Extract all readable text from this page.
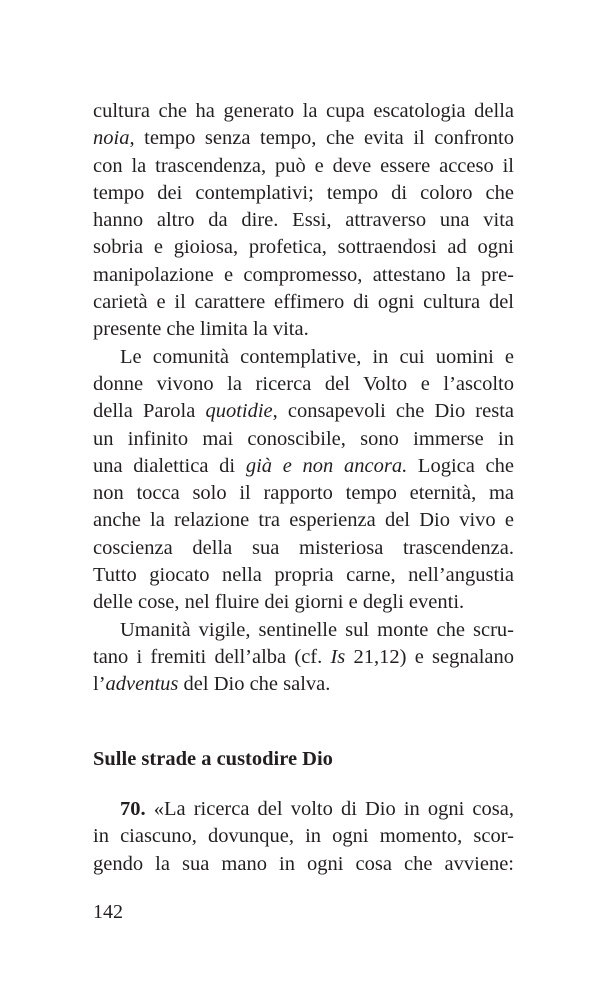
cultura che ha generato la cupa escatologia della
noia, tempo senza tempo, che evita il confronto
con la trascendenza, può e deve essere acceso il
tempo dei contemplativi; tempo di coloro che
hanno altro da dire. Essi, attraverso una vita
sobria e gioiosa, profetica, sottraendosi ad ogni
manipolazione e compromesso, attestano la pre-
carietà e il carattere effimero di ogni cultura del
presente che limita la vita.
Le comunità contemplative, in cui uomini e
donne vivono la ricerca del Volto e l’ascolto
della Parola quotidie, consapevoli che Dio resta
un infinito mai conoscibile, sono immerse in
una dialettica di già e non ancora. Logica che
non tocca solo il rapporto tempo eternità, ma
anche la relazione tra esperienza del Dio vivo e
coscienza della sua misteriosa trascendenza.
Tutto giocato nella propria carne, nell’angustia
delle cose, nel fluire dei giorni e degli eventi.
Umanità vigile, sentinelle sul monte che scru-
tano i fremiti dell’alba (cf. Is 21,12) e segnalano
l’adventus del Dio che salva.
Sulle strade a custodire Dio
70. «La ricerca del volto di Dio in ogni cosa,
in ciascuno, dovunque, in ogni momento, scor-
gendo la sua mano in ogni cosa che avviene:
142
